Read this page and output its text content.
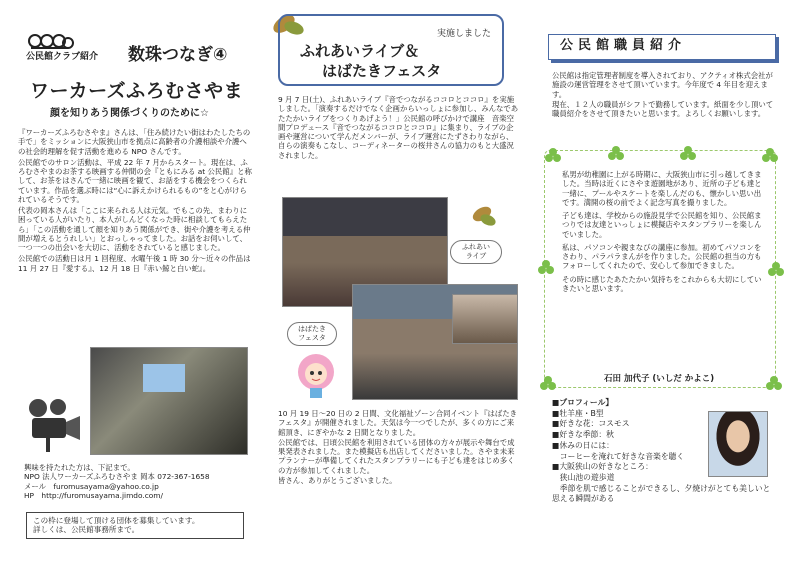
公民館クラブ紹介 数珠つなぎ④
ワーカーズふろむさやま
顔を知りあう関係づくりのために☆

『ワーカーズふろむさやま』さんは、「住み続けたい街はわたしたちの手で」をミッションに大阪狭山市を拠点に高齢者の介護相談や介護への社会的理解を促す活動を進める NPO さんです。

公民館でのサロン活動は、平成 22 年 7 月からスタート。現在は、ふろむさやまのお茶する映画する仲間の会『ともにみる at 公民館』と称して、お茶をはさんで一緒に映画を観て、お話をする機会をつくられています。作品を選ぶ時には“心に訴えかけられるもの”をと心がけられているそうです。

代表の岡本さんは「ここに来られる人は元気。でもこの先、まわりに困っている人がいたり、本人がしんどくなった時に相談してもらえたら」「この活動を通して顔を知りあう関係ができ、街や介護を考える仲間が増えるとうれしい」とおっしゃってました。お話をお伺いして、一つ一つの出会いを大切に、活動をされていると感じました。

公民館での活動日は月 1 回程度、水曜午後 1 時 30 分～近々の作品は 11 月 27 日『愛する』、12 月 18 日『赤い鯨と白い蛇』。

興味を持たれた方は、下記まで。
NPO 法人ワーカーズふろむさやま 岡本 072-367-1658
メール　furomusayama@yahoo.co.jp
HP　http://furomusayama.jimdo.com/
この枠に登場して頂ける団体を募集しています。
詳しくは、公民館事務所まで。
実施しました
ふれあいライブ＆
はばたきフェスタ
9 月 7 日(土)、ふれあいライブ『音でつながるココロとココロ』を実施しました。「演奏するだけでなく企画からいっしょに参加し、みんなであたたかいライブをつくりあげよう！」公民館の呼びかけで講座　音楽空間プロデュース『音でつながるココロとココロ』に集まり、ライブの企画や運営について学んだメンバーが、ライブ運営にたずさわりながら、自らの演奏もこなし、コーディネーターの桜井さんの協力のもと大盛況されました。
ふれあい
ライブ
はばたき
フェスタ

10 月 19 日～20 日の 2 日間、文化福祉ゾーン合同イベント『はばたきフェスタ』が開催されました。天気は今一つでしたが、多くの方にご来館頂き、にぎやかな 2 日間となりました。

公民館では、日頃公民館を利用されている団体の方々が展示や舞台で成果発表されました。また模擬店も出店してくださいました。さやま未来プランナーが準備してくれたスタンプラリーにも子ども達をはじめ多くの方が参加してくれました。

皆さん、ありがとうございました。

公民館職員紹介

公民館は指定管理者制度を導入されており、アクティオ株式会社が施設の運営管理をさせて頂いています。今年度で 4 年目を迎えます。

現在、１２人の職員がシフトで勤務しています。紙面を少し頂いて職員紹介をさせて頂きたいと思います。よろしくお願いします。

私男が幼稚園に上がる時期に、大阪狭山市に引っ越してきました。当時は近くにさやま遊園地があり、近所の子ども達と一緒に、プールやスケートを楽しんだのも、懐かしい思い出です。満開の桜の前でよく記念写真を撮りました。

子ども達は、学校からの施設見学で公民館を知り、公民館まつりでは友達といっしょに模擬店やスタンプラリーを楽しんでいました。

私は、パソコンや親まなびの講座に参加。初めてパソコンをさわり、パラパラまんがを作りました。公民館の担当の方もフォローしてくれたので、安心して参加できました。

その時に感じたあたたかい気持ちをこれからも大切にしていきたいと思います。

石田 加代子 (いしだ かよこ)

■プロフィール】

■牡羊座・B型

■好きな花：コスモス

■好きな季節：秋

■休みの日には：

　コーヒーを淹れて好きな音楽を聴く

■大阪狭山の好きなところ：

　狭山池の遊歩道

　季節を肌で感じることができるし、夕焼けがとても美しいと思える瞬間がある
